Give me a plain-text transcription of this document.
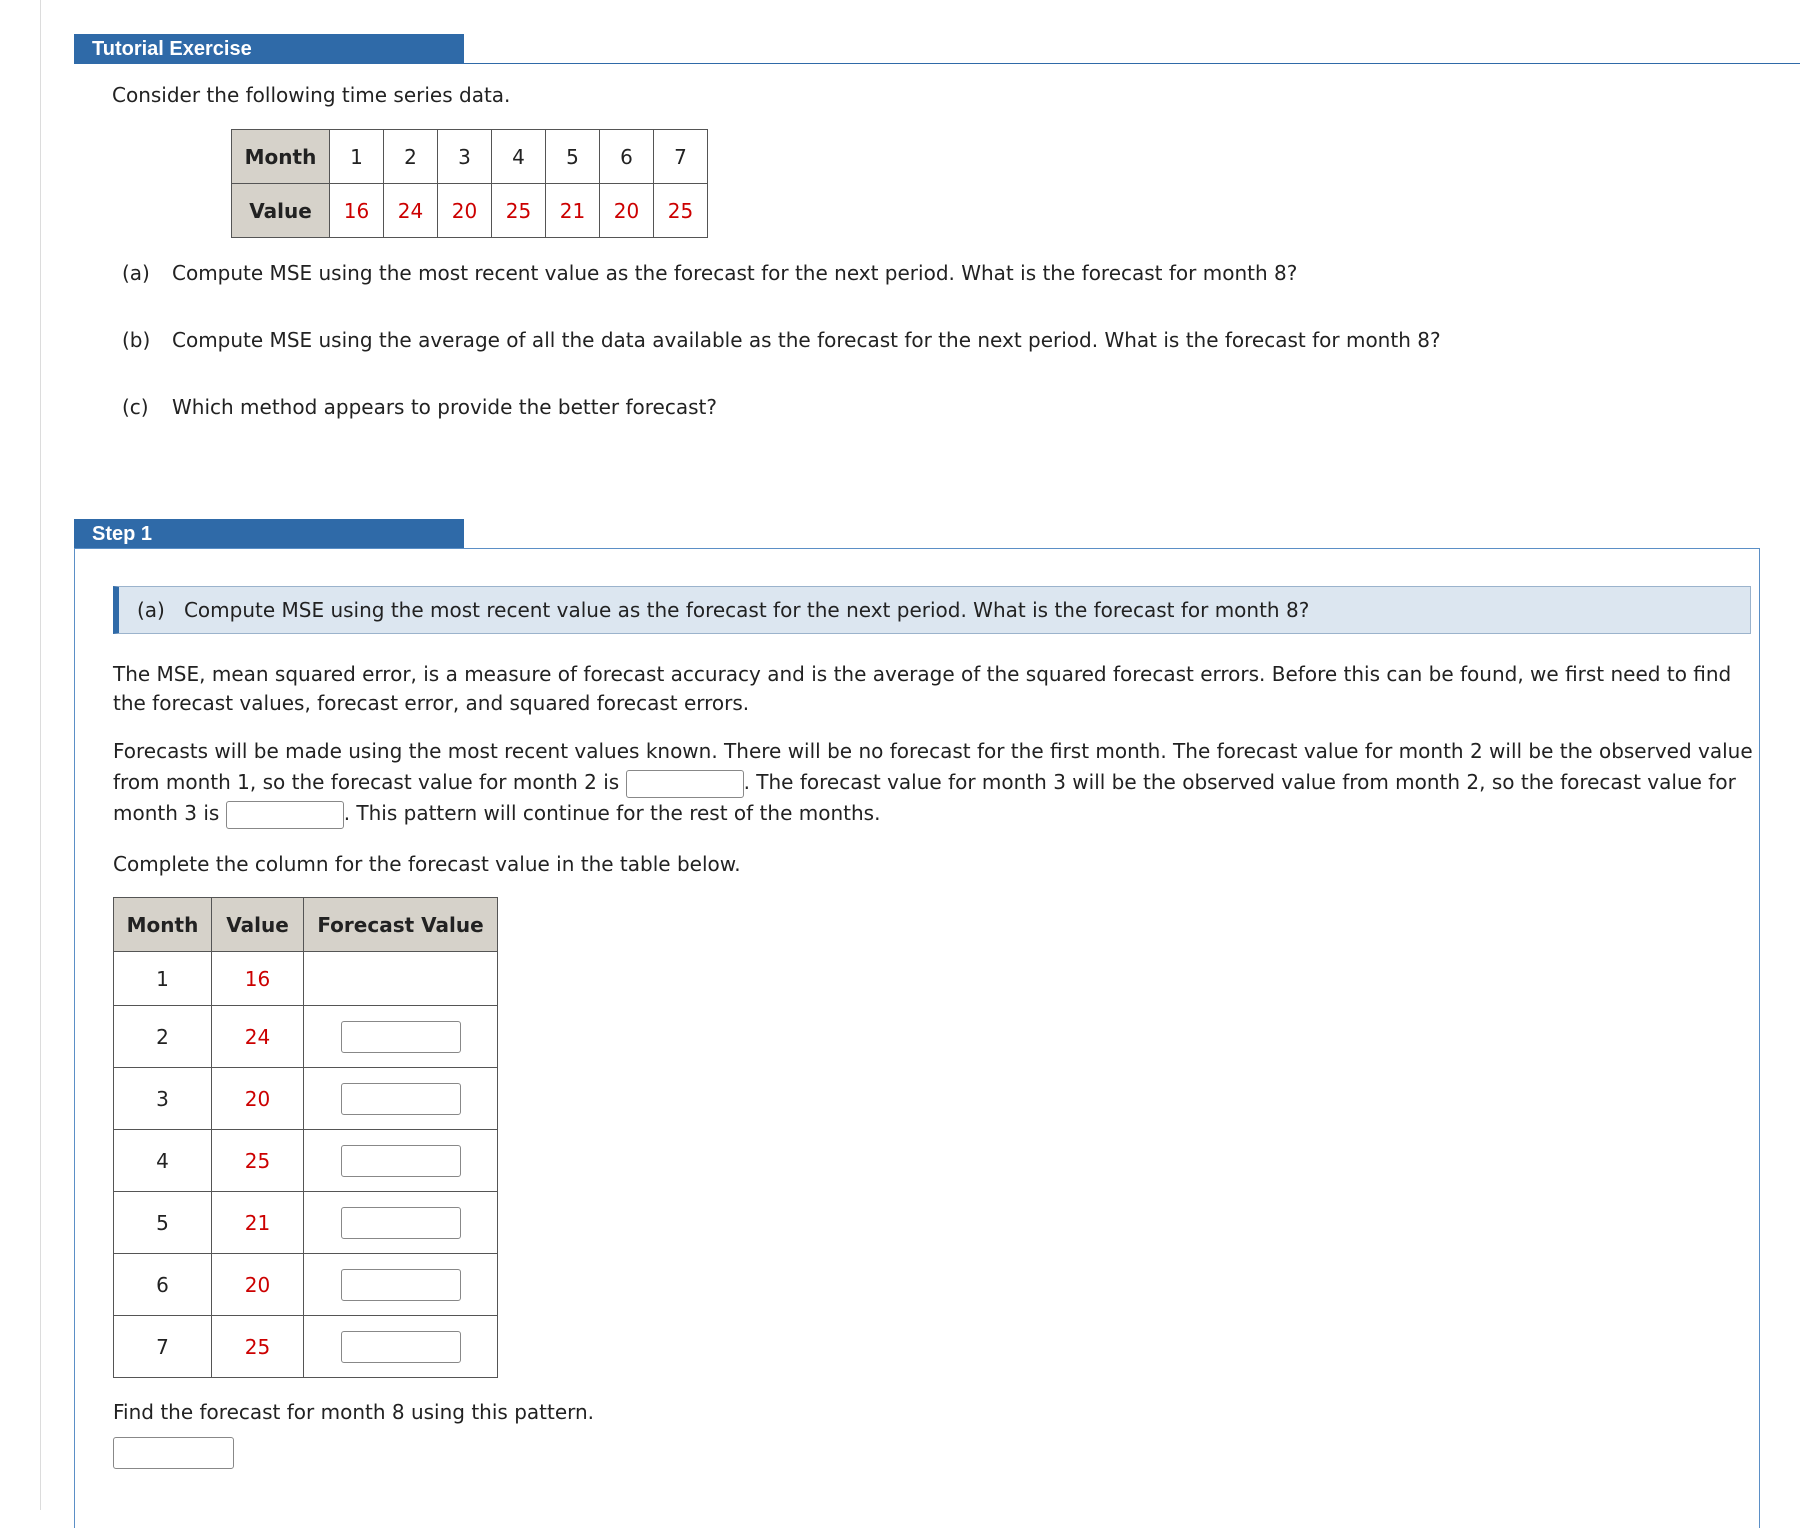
Tutorial Exercise
Consider the following time series data.
Month	1	2	3	4	5	6	7
Value	16	24	20	25	21	20	25
(a) Compute MSE using the most recent value as the forecast for the next period. What is the forecast for month 8?
(b) Compute MSE using the average of all the data available as the forecast for the next period. What is the forecast for month 8?
(c) Which method appears to provide the better forecast?
Step 1
(a) Compute MSE using the most recent value as the forecast for the next period. What is the forecast for month 8?
The MSE, mean squared error, is a measure of forecast accuracy and is the average of the squared forecast errors. Before this can be found, we first need to find the forecast values, forecast error, and squared forecast errors.
Forecasts will be made using the most recent values known. There will be no forecast for the first month. The forecast value for month 2 will be the observed value from month 1, so the forecast value for month 2 is	. The forecast value for month 3 will be the observed value from month 2, so the forecast value for month 3 is	. This pattern will continue for the rest of the months.
Complete the column for the forecast value in the table below.
Month	Value	Forecast Value
1	16	
2	24	

3	20	

4	25	

5	21	

6	20	

7	25	
Find the forecast for month 8 using this pattern.
